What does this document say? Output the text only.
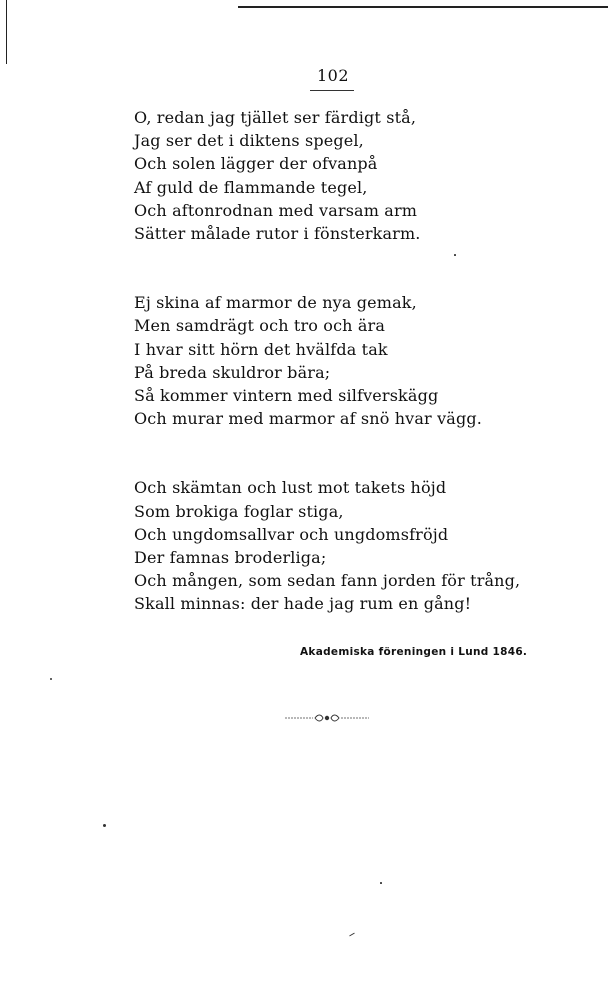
102
O, redan jag tjället ser färdigt stå,
Jag ser det i diktens spegel,
Och solen lägger der ofvanpå
Af guld de flammande tegel,
Och aftonrodnan med varsam arm
Sätter målade rutor i fönsterkarm.
Ej skina af marmor de nya gemak,
Men samdrägt och tro och ära
I hvar sitt hörn det hvälfda tak
På breda skuldror bära;
Så kommer vintern med silfverskägg
Och murar med marmor af snö hvar vägg.
Och skämtan och lust mot takets höjd
Som brokiga foglar stiga,
Och ungdomsallvar och ungdomsfröjd
Der famnas broderliga;
Och mången, som sedan fann jorden för trång,
Skall minnas: der hade jag rum en gång!
Akademiska föreningen i Lund 1846.
